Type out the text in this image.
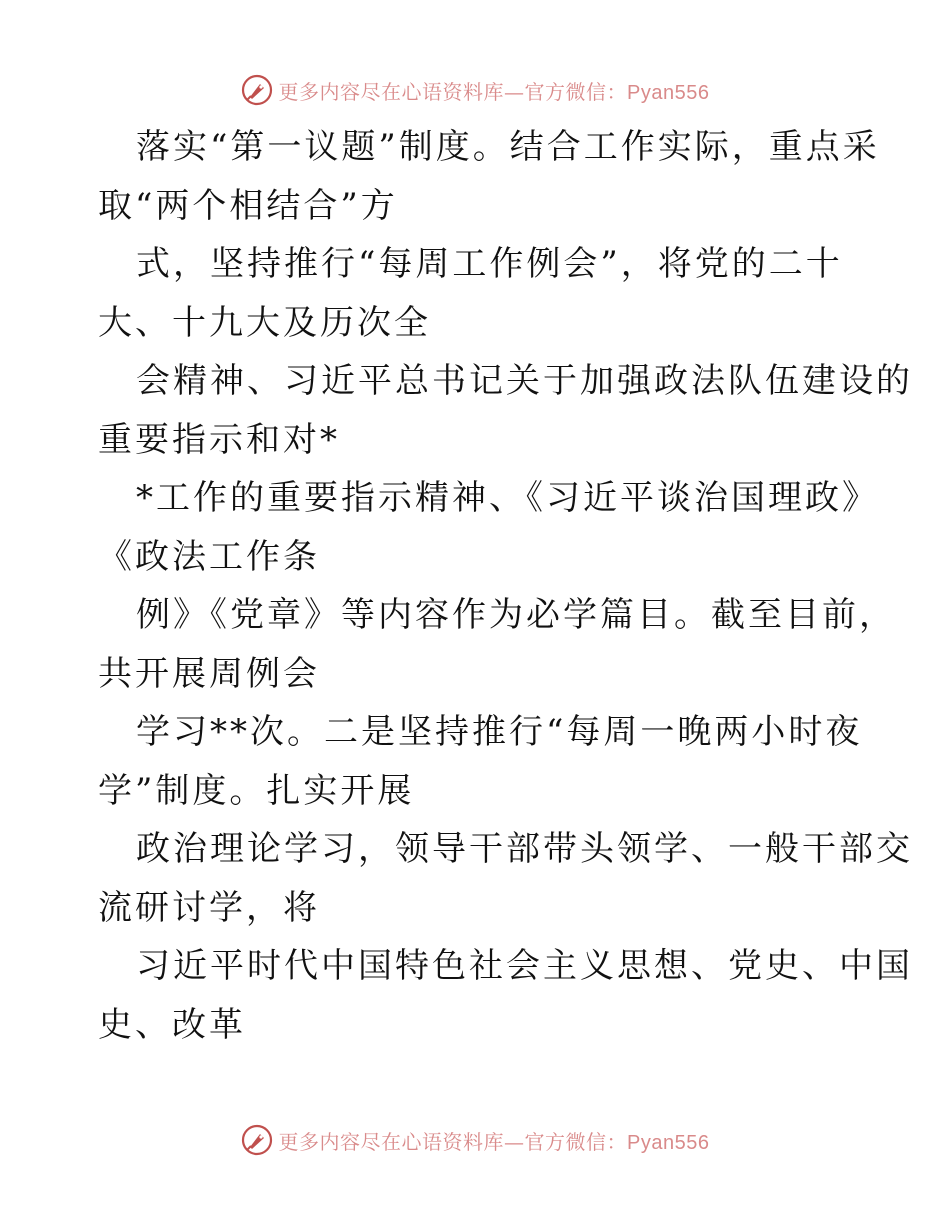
更多内容尽在心语资料库—官方微信：Pyan556
落实“第一议题”制度。结合工作实际，重点采
取“两个相结合”方
式，坚持推行“每周工作例会”，将党的二十
大、十九大及历次全
会精神、习近平总书记关于加强政法队伍建设的
重要指示和对*
*工作的重要指示精神、《习近平谈治国理政》
《政法工作条
例》《党章》等内容作为必学篇目。截至目前，
共开展周例会
学习**次。二是坚持推行“每周一晚两小时夜
学”制度。扎实开展
政治理论学习，领导干部带头领学、一般干部交
流研讨学，将
习近平时代中国特色社会主义思想、党史、中国
史、改革
更多内容尽在心语资料库—官方微信：Pyan556
